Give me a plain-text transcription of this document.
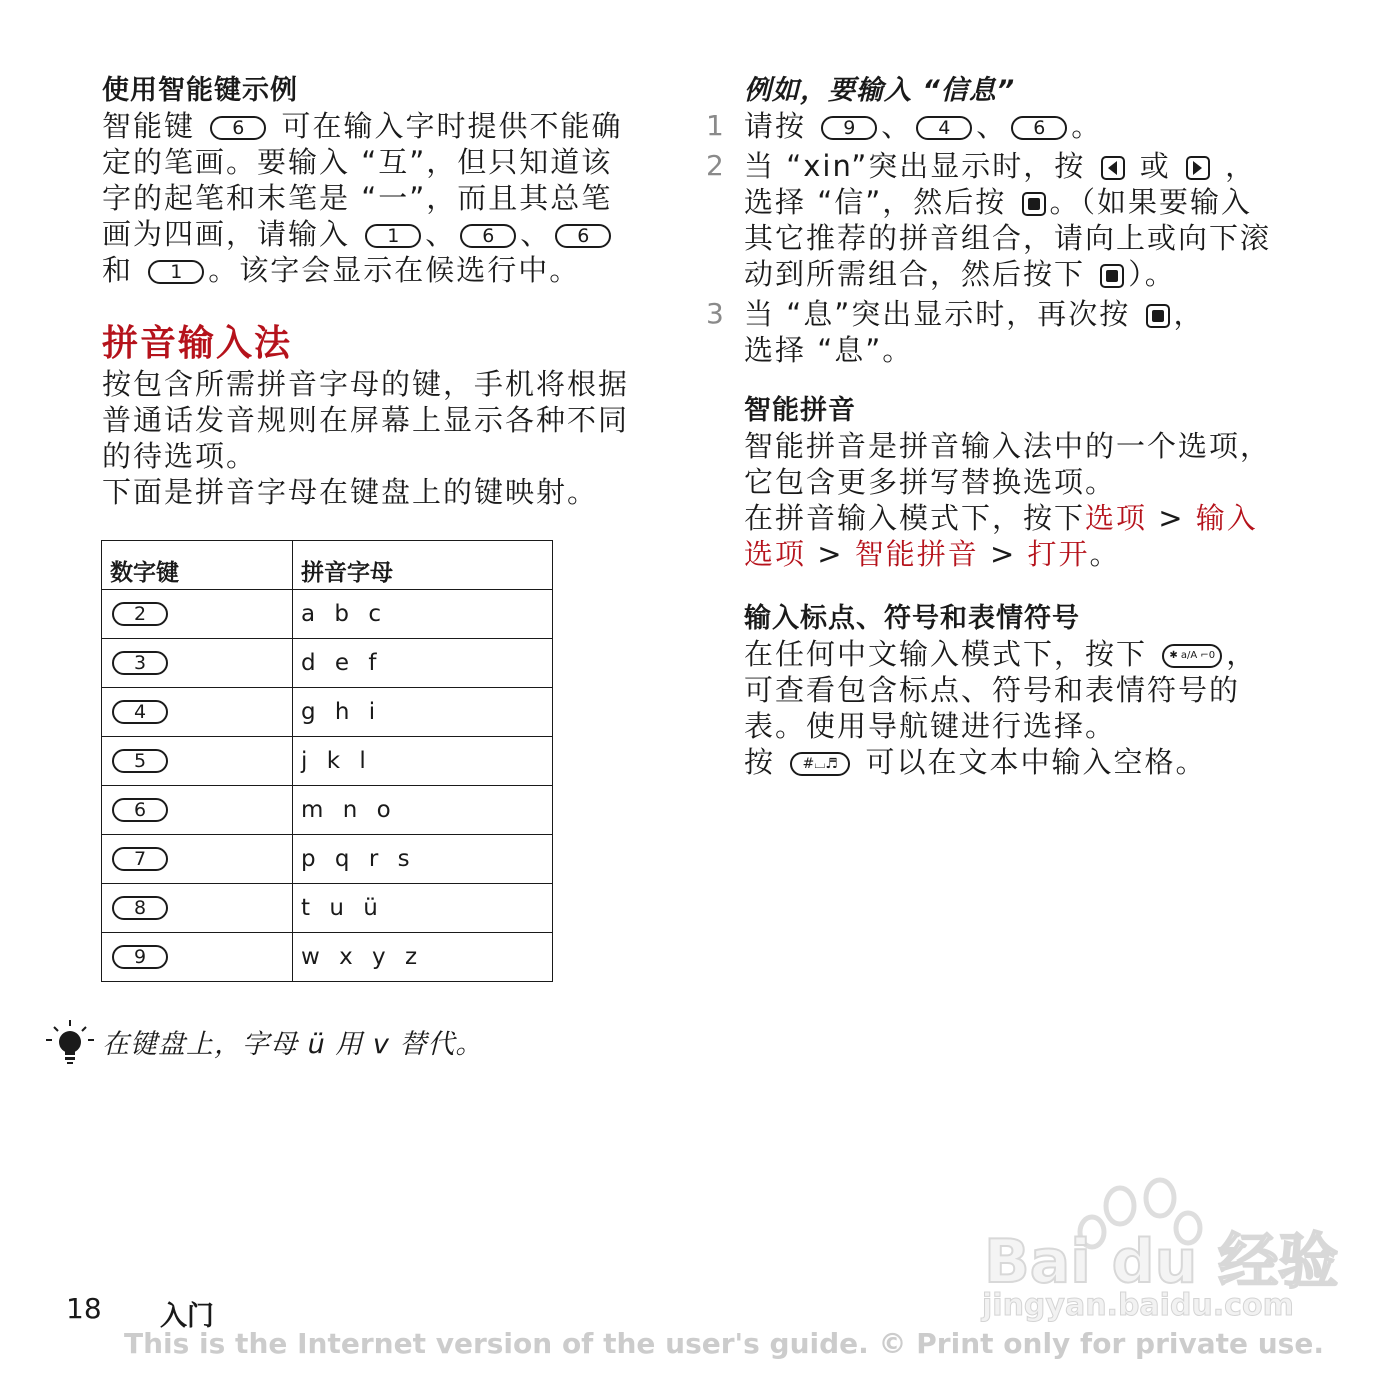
使用智能键示例
智能键 6 可在输入字时提供不能确
定的笔画。要输入 “互”，但只知道该
字的起笔和末笔是 “一”，而且其总笔
画为四画，请输入 1 、 6 、 6
和 1 。该字会显示在候选行中。
拼音输入法
按包含所需拼音字母的键，手机将根据
普通话发音规则在屏幕上显示各种不同
的待选项。
下面是拼音字母在键盘上的键映射。
数字键	拼音字母
2	a b c
3	d e f
4	g h i
5	j k l
6	m n o
7	p q r s
8	t u ü
9	w x y z
在键盘上，字母 ü 用 v 替代。
例如，要输入 “信息”
1 请按 9 、 4 、 6 。
2 当 “xin”突出显示时，按 或 ，
选择 “信”，然后按 。（如果要输入
其它推荐的拼音组合，请向上或向下滚
动到所需组合，然后按下 ）。
3 当 “息”突出显示时，再次按 ，
选择 “息”。
智能拼音
智能拼音是拼音输入法中的一个选项，
它包含更多拼写替换选项。
在拼音输入模式下，按下选项 > 输入
选项 > 智能拼音 > 打开。
输入标点、符号和表情符号
在任何中文输入模式下，按下 ✱ a/A ⌐0 ，
可查看包含标点、符号和表情符号的
表。使用导航键进行选择。
按 #⌴♬ 可以在文本中输入空格。
Bai du 经验
jingyan.baidu.com
18 入门
This is the Internet version of the user's guide. © Print only for private use.
